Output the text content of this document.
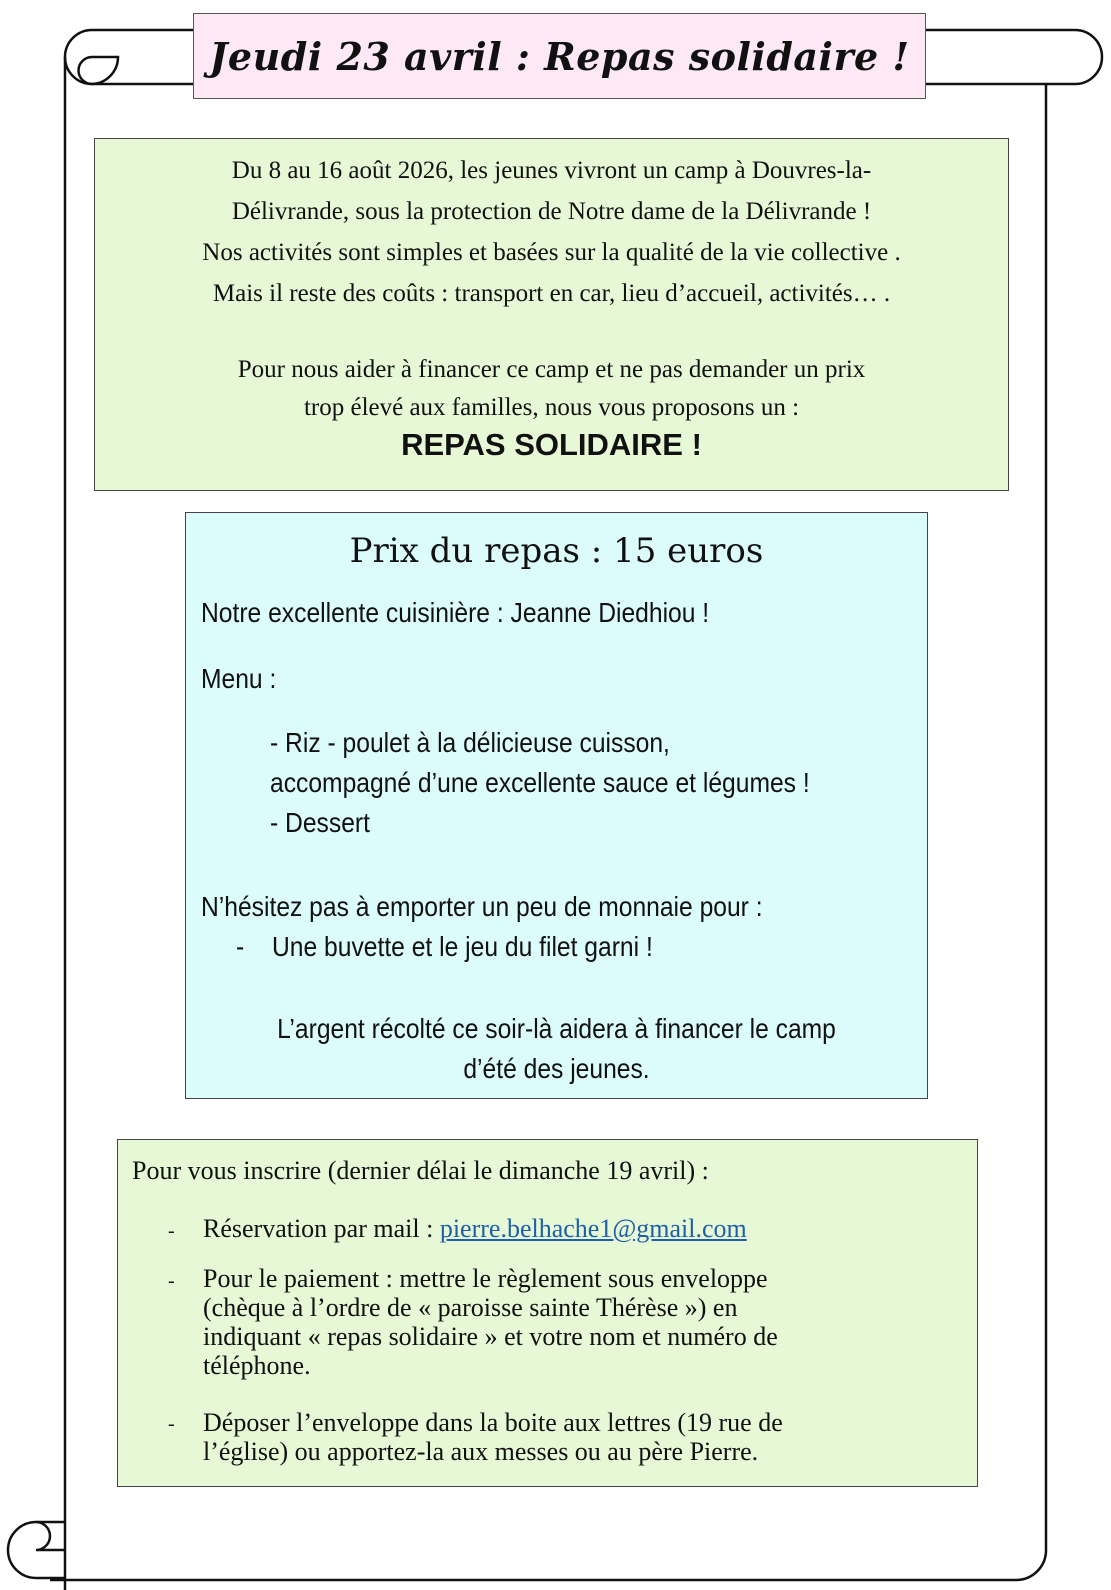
Jeudi 23 avril : Repas solidaire !
Du 8 au 16 août 2026, les jeunes vivront un camp à Douvres-la-
Délivrande, sous la protection de Notre dame de la Délivrande !
Nos activités sont simples et basées sur la qualité de la vie collective .
Mais il reste des coûts : transport en car, lieu d’accueil, activités… .
Pour nous aider à financer ce camp et ne pas demander un prix
trop élevé aux familles, nous vous proposons un :
REPAS SOLIDAIRE !
Prix du repas : 15 euros
Notre excellente cuisinière : Jeanne Diedhiou !
Menu :
- Riz - poulet à la délicieuse cuisson,
accompagné d’une excellente sauce et légumes !
- Dessert
N’hésitez pas à emporter un peu de monnaie pour :
- Une buvette et le jeu du filet garni !
L’argent récolté ce soir-là aidera à financer le camp
d’été des jeunes.
Pour vous inscrire (dernier délai le dimanche 19 avril) :
- Réservation par mail : pierre.belhache1@gmail.com
- Pour le paiement : mettre le règlement sous enveloppe
(chèque à l’ordre de « paroisse sainte Thérèse ») en
indiquant « repas solidaire » et votre nom et numéro de
téléphone.
- Déposer l’enveloppe dans la boite aux lettres (19 rue de
l’église) ou apportez-la aux messes ou au père Pierre.
